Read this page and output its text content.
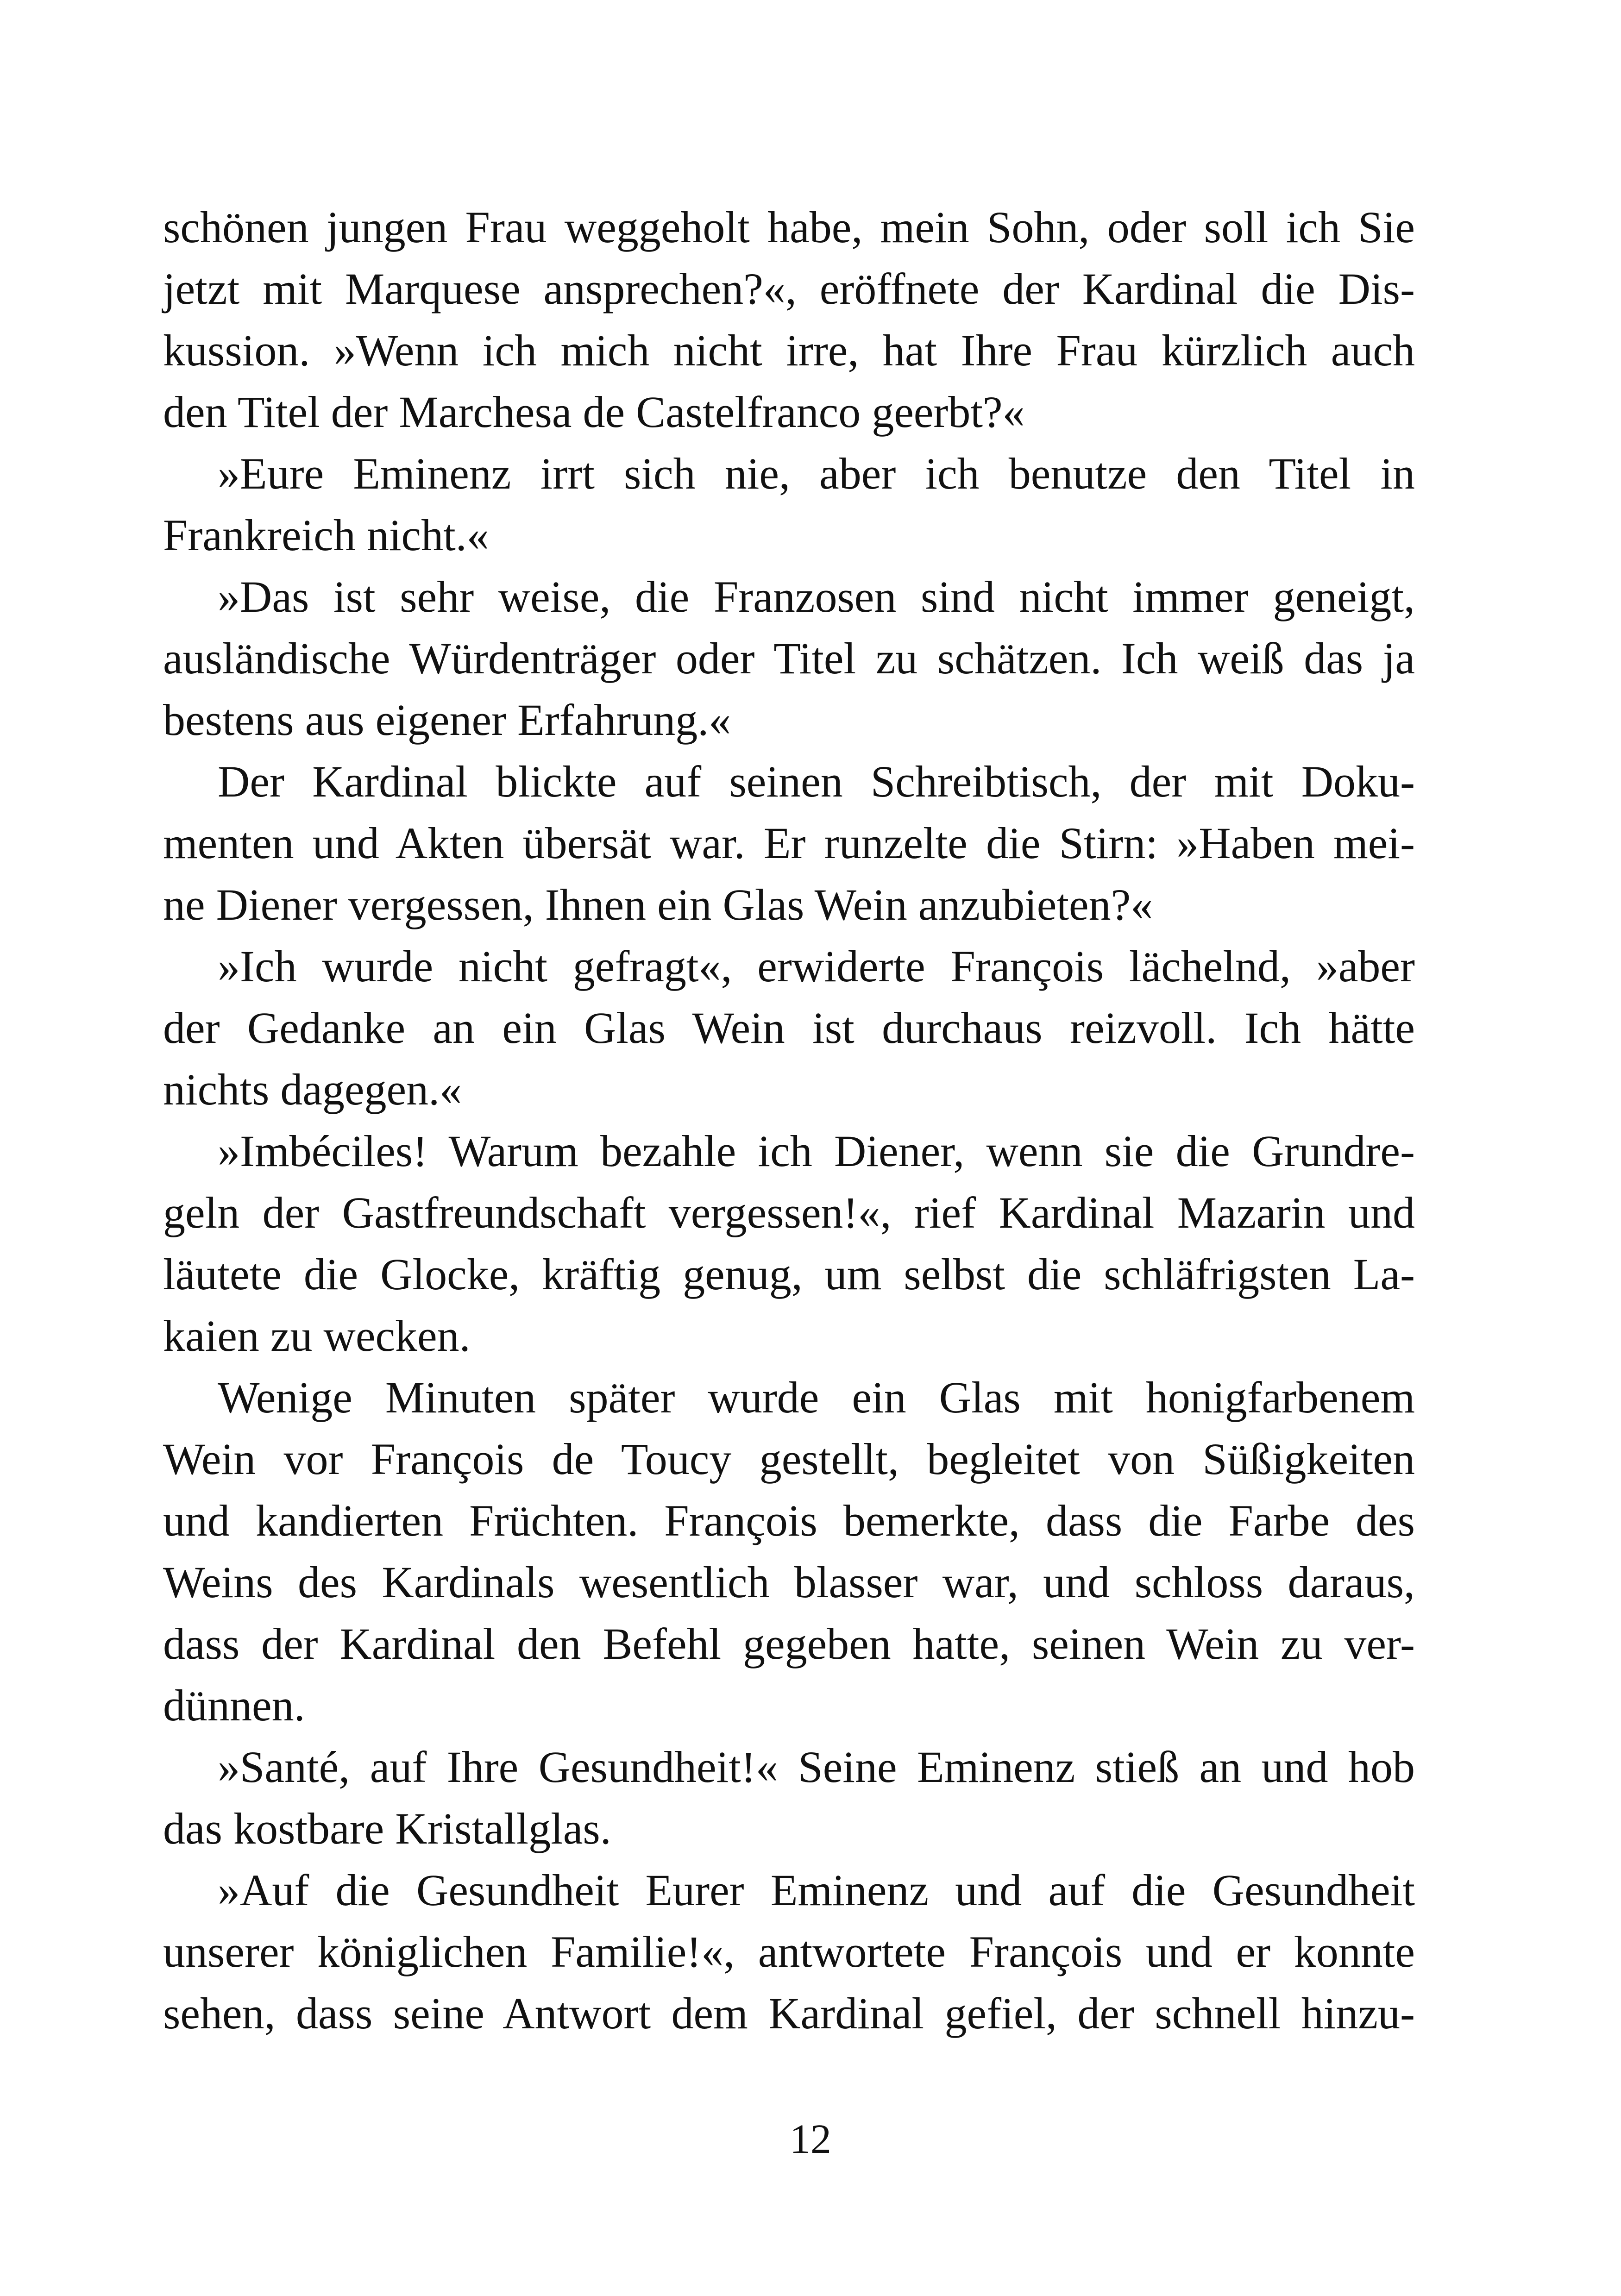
schönen jungen Frau weggeholt habe, mein Sohn, oder soll ich Sie
jetzt mit Marquese ansprechen?«, eröffnete der Kardinal die Dis-
kussion. »Wenn ich mich nicht irre, hat Ihre Frau kürzlich auch
den Titel der Marchesa de Castelfranco geerbt?«
»Eure Eminenz irrt sich nie, aber ich benutze den Titel in
Frankreich nicht.«
»Das ist sehr weise, die Franzosen sind nicht immer geneigt,
ausländische Würdenträger oder Titel zu schätzen. Ich weiß das ja
bestens aus eigener Erfahrung.«
Der Kardinal blickte auf seinen Schreibtisch, der mit Doku-
menten und Akten übersät war. Er runzelte die Stirn: »Haben mei-
ne Diener vergessen, Ihnen ein Glas Wein anzubieten?«
»Ich wurde nicht gefragt«, erwiderte François lächelnd, »aber
der Gedanke an ein Glas Wein ist durchaus reizvoll. Ich hätte
nichts dagegen.«
»Imbéciles! Warum bezahle ich Diener, wenn sie die Grundre-
geln der Gastfreundschaft vergessen!«, rief Kardinal Mazarin und
läutete die Glocke, kräftig genug, um selbst die schläfrigsten La-
kaien zu wecken.
Wenige Minuten später wurde ein Glas mit honigfarbenem
Wein vor François de Toucy gestellt, begleitet von Süßigkeiten
und kandierten Früchten. François bemerkte, dass die Farbe des
Weins des Kardinals wesentlich blasser war, und schloss daraus,
dass der Kardinal den Befehl gegeben hatte, seinen Wein zu ver-
dünnen.
»Santé, auf Ihre Gesundheit!« Seine Eminenz stieß an und hob
das kostbare Kristallglas.
»Auf die Gesundheit Eurer Eminenz und auf die Gesundheit
unserer königlichen Familie!«, antwortete François und er konnte
sehen, dass seine Antwort dem Kardinal gefiel, der schnell hinzu-
12
